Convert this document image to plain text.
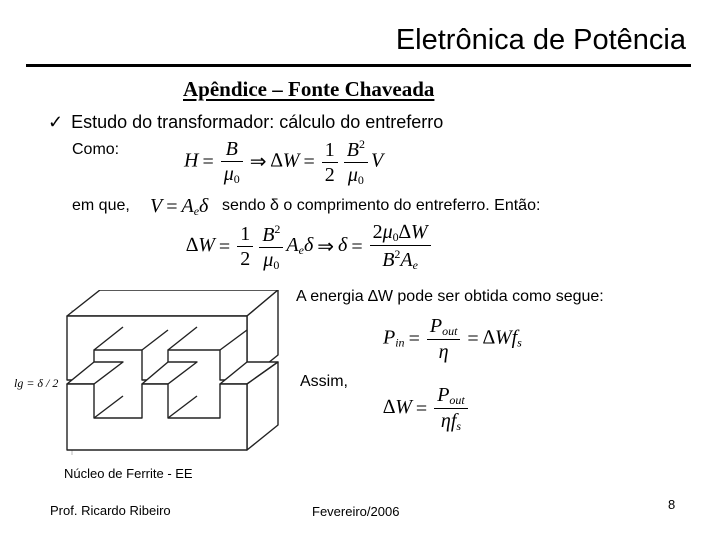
Eletrônica de Potência
Apêndice – Fonte Chaveada
✓ Estudo do transformador: cálculo do entreferro
Como:
$H = \frac{B}{\mu_0}$ ⇒ $\Delta W = \frac{1}{2} \frac{B^2}{\mu_0}$ V
em que, $V = A_e\delta$ sendo δ o comprimento do entreferro. Então:
$\Delta W = \frac{1}{2} \frac{B^2}{\mu_0} A_e\delta$ ⇒ $\delta = \frac{2\mu_0\Delta W}{B^2A_e}$
A energia ∆W pode ser obtida como segue:
$P_{in} = \frac{P_{out}}{\eta} = \Delta Wf_s$
Assim,
$\Delta W = \frac{P_{out}}{\eta f_s}$
lg = δ / 2
Núcleo de Ferrite - EE
Prof. Ricardo Ribeiro	Fevereiro/2006	8
